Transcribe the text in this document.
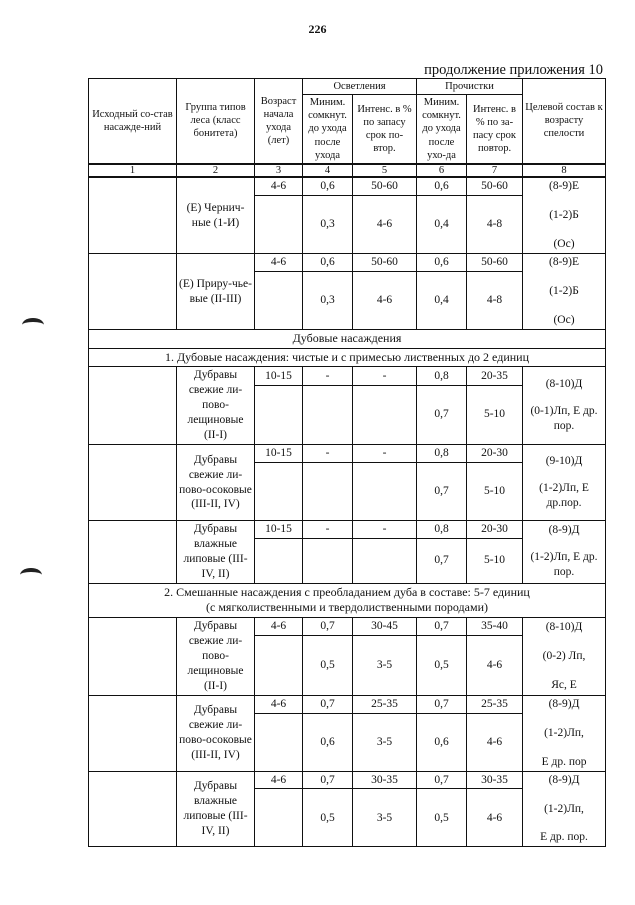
226
продолжение приложения 10
Исходный со-став насажде-ний	Группа типов леса (класс бонитета)	Возраст начала ухода (лет)	Осветления		Прочистки		Целевой состав к возрасту спелости
			Миним. сомкнут. до ухода после ухода	Интенс. в % по запасу срок по-втор.	Миним. сомкнут. до ухода после ухо-да	Интенс. в % по за-пасу срок повтор.	
1	2	3	4	5	6	7	8
	(Е) Чернич-ные (1-И)	4-6	0,6	50-60	0,6	50-60	(8-9)Е
(1-2)Б
(Ос)

			0,3	4-6	0,4	4-8	
	(Е) Приру-чье- вые (II-III)	4-6	0,6	50-60	0,6	50-60	(8-9)Е
(1-2)Б
(Ос)

			0,3	4-6	0,4	4-8	
Дубовые насаждения							
1. Дубовые насаждения: чистые и с примесью лиственных до 2 единиц							
	Дубравы свежие ли-пово-лещиновые (II-I)	10-15	-	-	0,8	20-35	(8-10)Д
(0-1)Лп, Е др. пор.

					0,7	5-10	
	Дубравы свежие ли-пово-осоковые (III-II, IV)	10-15	-	-	0,8	20-30	(9-10)Д
(1-2)Лп, Е др.пор.

					0,7	5-10	
	Дубравы влажные липовые (III-IV, II)	10-15	-	-	0,8	20-30	(8-9)Д
(1-2)Лп, Е др. пор.

					0,7	5-10	

2. Смешанные насаждения с преобладанием дуба в составе: 5-7 единиц
(с мягколиственными и твердолиственными породами)							

	Дубравы свежие ли-пово-лещиновые (II-I)	4-6	0,7	30-45	0,7	35-40	(8-10)Д
(0-2) Лп,
Яс, Е

			0,5	3-5	0,5	4-6	
	Дубравы свежие ли-пово-осоковые (III-II, IV)	4-6	0,7	25-35	0,7	25-35	(8-9)Д
(1-2)Лп,
Е др. пор

			0,6	3-5	0,6	4-6	
	Дубравы влажные липовые (III-IV, II)	4-6	0,7	30-35	0,7	30-35	(8-9)Д
(1-2)Лп,
Е др. пор.

			0,5	3-5	0,5	4-6	
